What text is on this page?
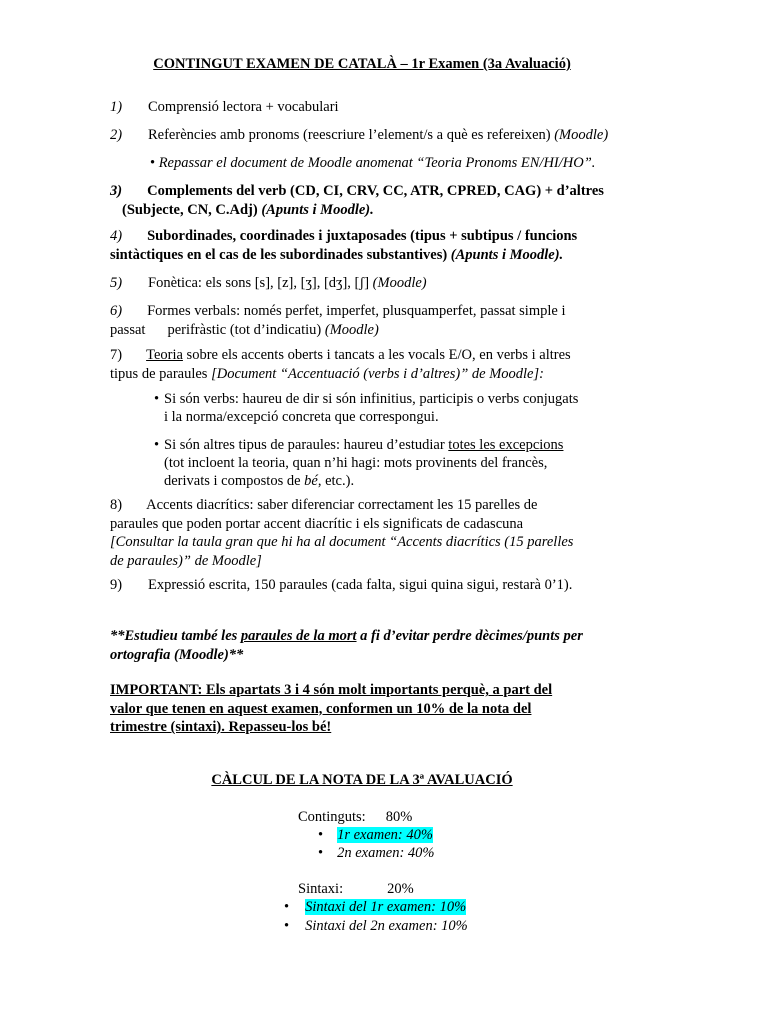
CONTINGUT EXAMEN DE CATALÀ – 1r Examen (3a Avaluació)
1) Comprensió lectora + vocabulari
2) Referències amb pronoms (reescriure l’element/s a què es refereixen) (Moodle)
• Repassar el document de Moodle anomenat “Teoria Pronoms EN/HI/HO”.
3) Complements del verb (CD, CI, CRV, CC, ATR, CPRED, CAG) + d’altres
(Subjecte, CN, C.Adj) (Apunts i Moodle).
4) Subordinades, coordinades i juxtaposades (tipus + subtipus / funcions
sintàctiques en el cas de les subordinades substantives) (Apunts i Moodle).
5) Fonètica: els sons [s], [z], [ʒ], [dʒ], [ʃ] (Moodle)
6) Formes verbals: només perfet, imperfet, plusquamperfet, passat simple i
passat perifràstic (tot d’indicatiu) (Moodle)
7) Teoria sobre els accents oberts i tancats a les vocals E/O, en verbs i altres
tipus de paraules [Document “Accentuació (verbs i d’altres)” de Moodle]:
• Si són verbs: haureu de dir si són infinitius, participis o verbs conjugats
i la norma/excepció concreta que correspongui.
• Si són altres tipus de paraules: haureu d’estudiar totes les excepcions
(tot incloent la teoria, quan n’hi hagi: mots provinents del francès,
derivats i compostos de bé, etc.).
8) Accents diacrítics: saber diferenciar correctament les 15 parelles de
paraules que poden portar accent diacrític i els significats de cadascuna
[Consultar la taula gran que hi ha al document “Accents diacrítics (15 parelles
de paraules)” de Moodle]
9) Expressió escrita, 150 paraules (cada falta, sigui quina sigui, restarà 0’1).
**Estudieu també les paraules de la mort a fi d’evitar perdre dècimes/punts per
ortografia (Moodle)**
IMPORTANT: Els apartats 3 i 4 són molt importants perquè, a part del
valor que tenen en aquest examen, conformen un 10% de la nota del
trimestre (sintaxi). Repasseu-los bé!
CÀLCUL DE LA NOTA DE LA 3ª AVALUACIÓ
Continguts: 80%
• 1r examen: 40%
• 2n examen: 40%
Sintaxi:	20%
• Sintaxi del 1r examen: 10%
• Sintaxi del 2n examen: 10%
